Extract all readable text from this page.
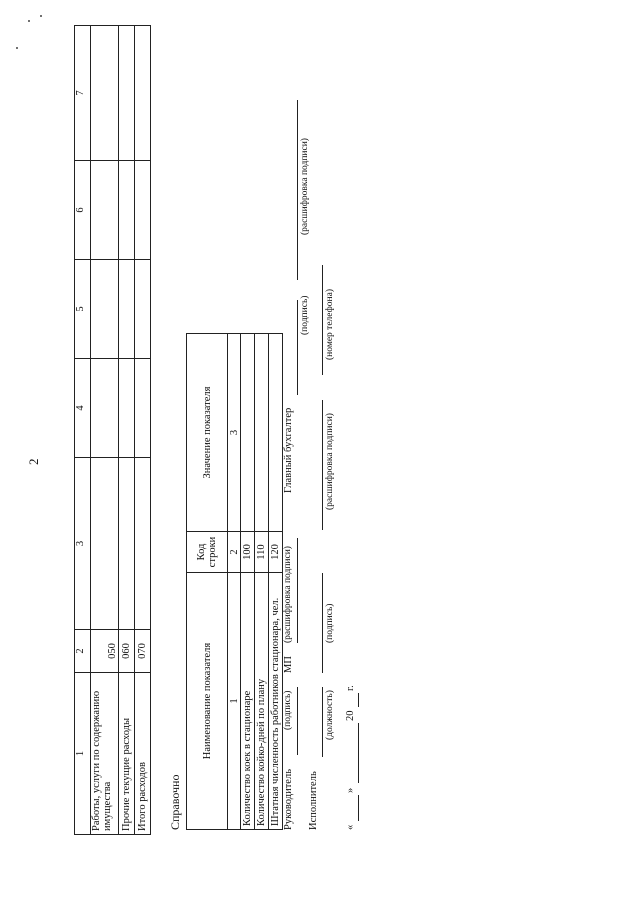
2
1	2	3	4	5	6	7
Работы, услуги по содержанию имущества	050					
Прочие текущие расходы	060					
Итого расходов	070					
Справочно
Наименование показателя	Код строки	Значение показателя
1	2	3
Количество коек в стационаре	100	
Количество койко-дней по плану	110	
Штатная численность работников стационара, чел.	120	
Руководитель
(подпись)
МП
(расшифровка подписи)
Главный бухгалтер
(подпись)
(расшифровка подписи)
Исполнитель
(должность)
(подпись)
(расшифровка подписи)
(номер телефона)
«
»
20
г.
